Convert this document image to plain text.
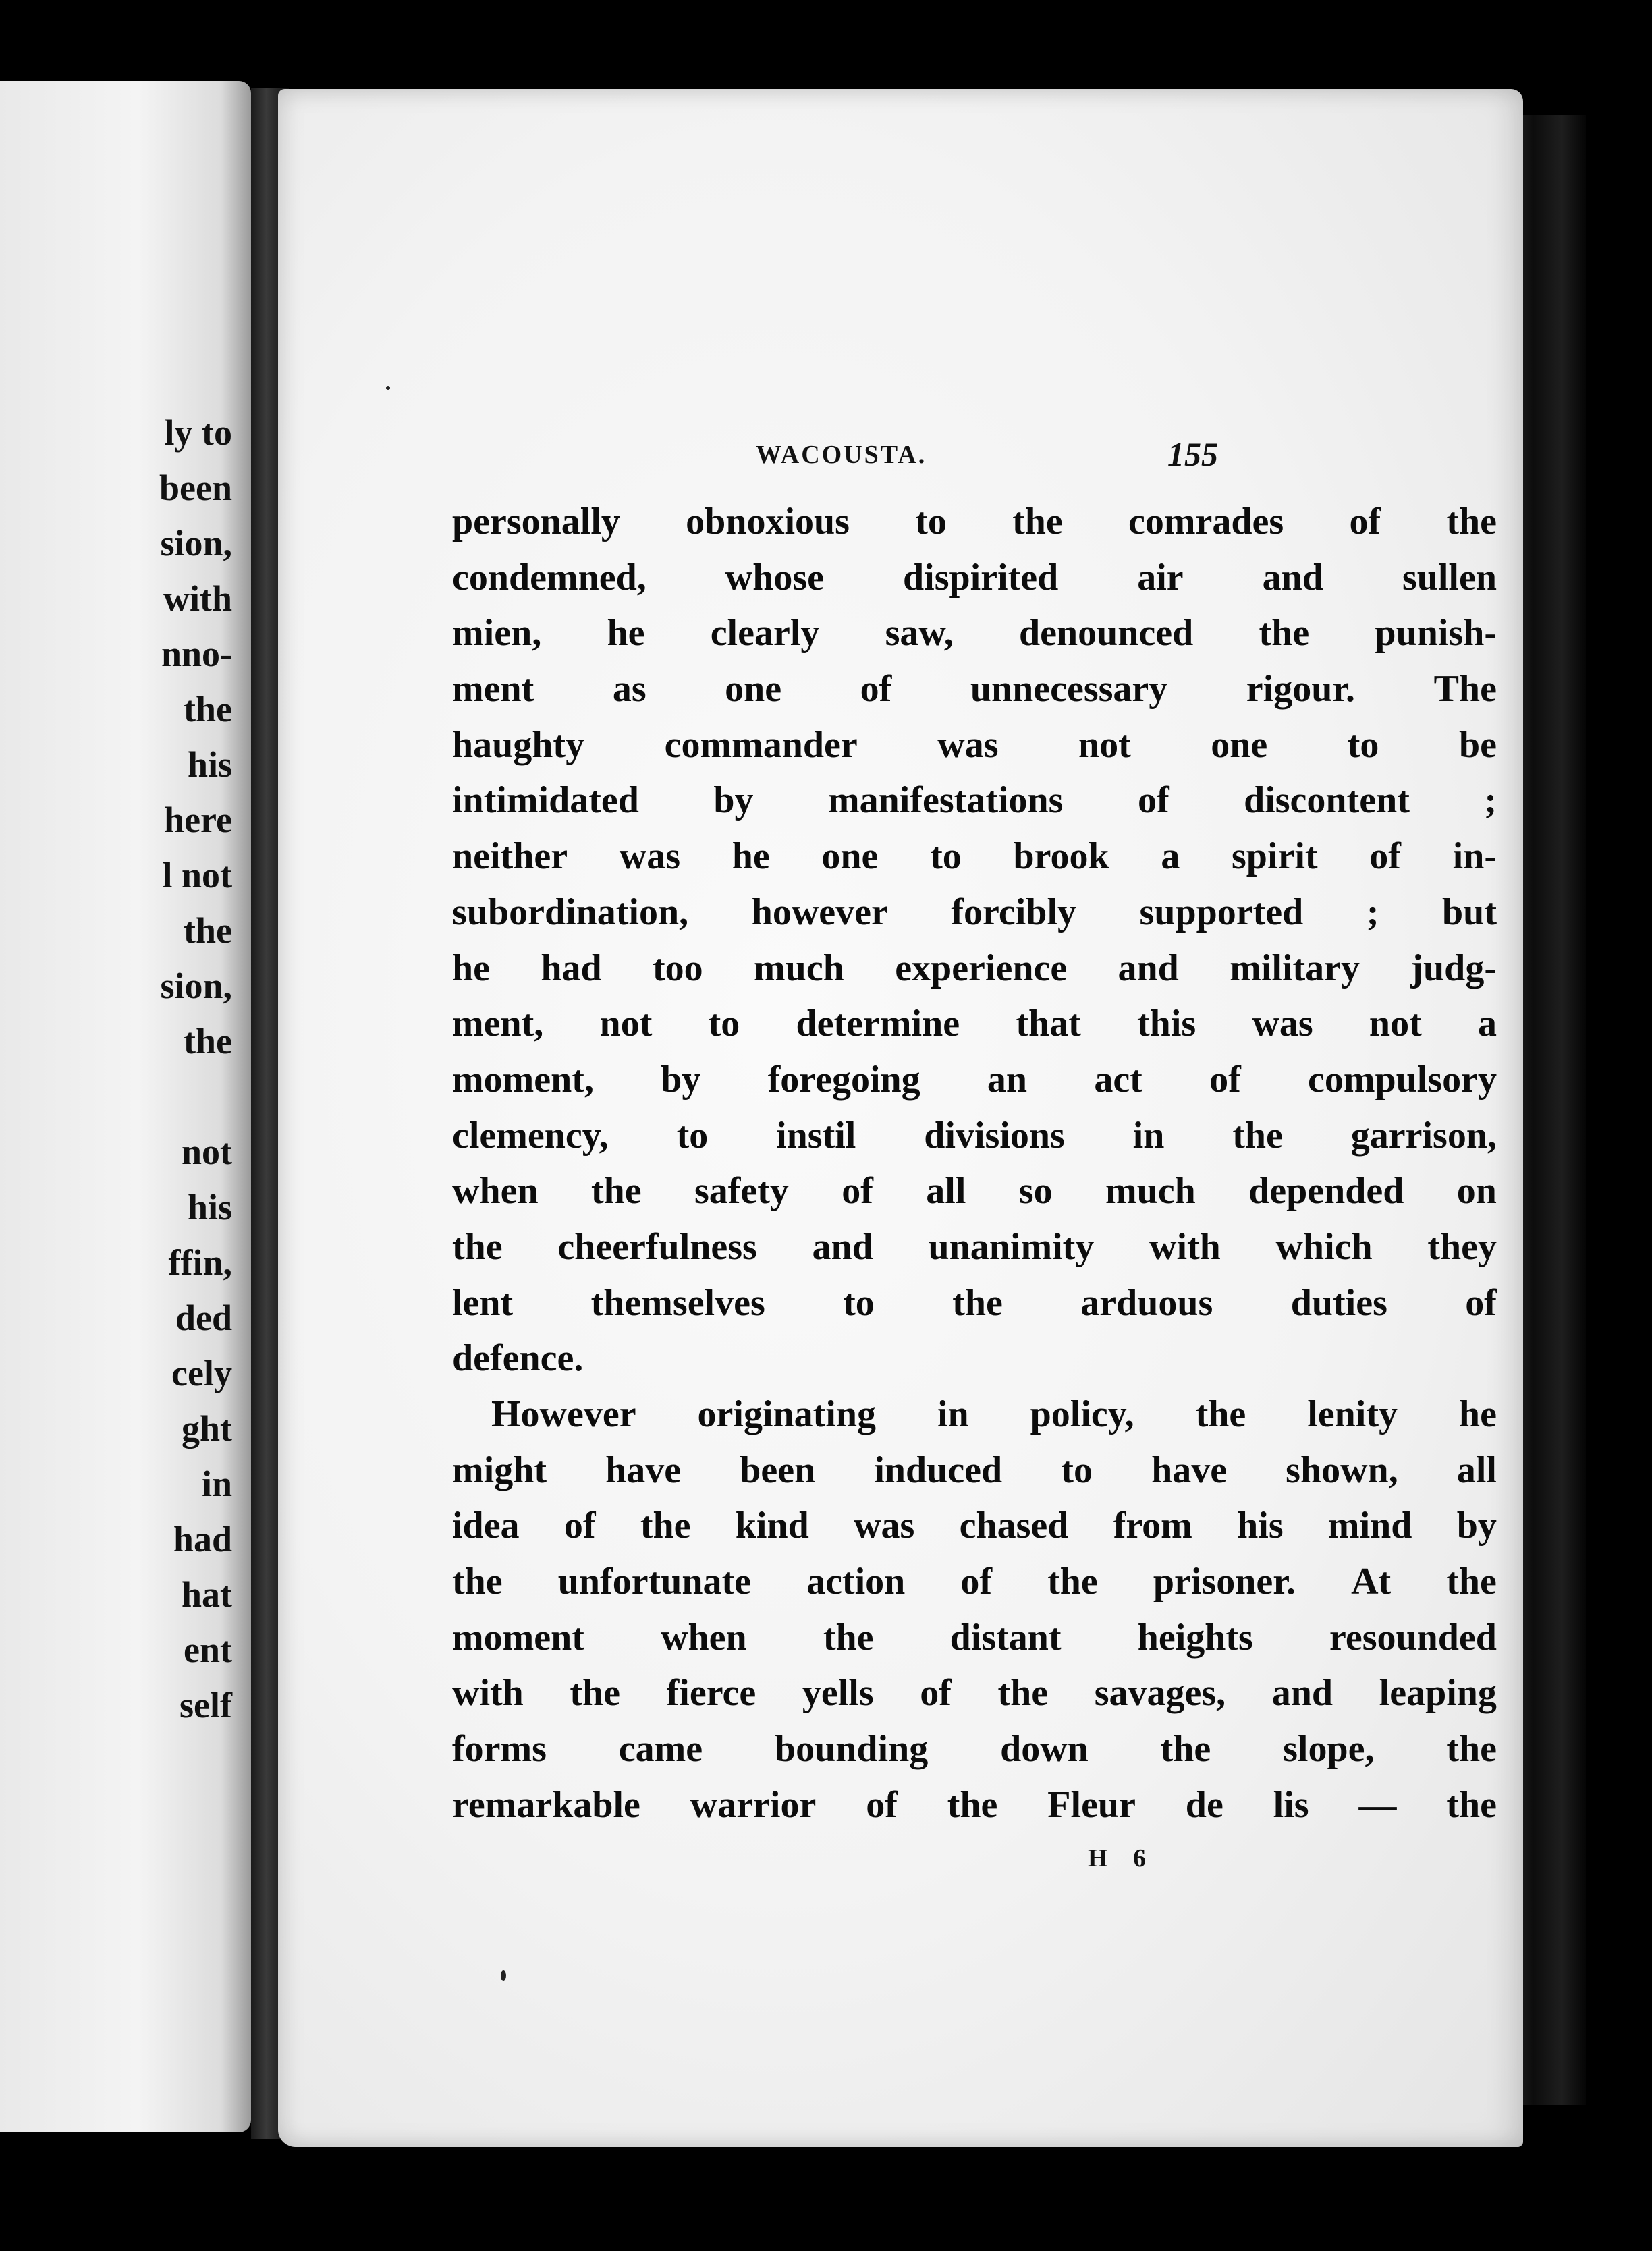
ly to
been
sion,
with
nno-
the
his
here
l not
the
sion,
the
not
his
ffin,
ded
cely
ght
in
had
hat
ent
self
WACOUSTA.	155
personally obnoxious to the comrades of the
condemned, whose dispirited air and sullen
mien, he clearly saw, denounced the punish-
ment as one of unnecessary rigour. The
haughty commander was not one to be
intimidated by manifestations of discontent ;
neither was he one to brook a spirit of in-
subordination, however forcibly supported ; but
he had too much experience and military judg-
ment, not to determine that this was not a
moment, by foregoing an act of compulsory
clemency, to instil divisions in the garrison,
when the safety of all so much depended on
the cheerfulness and unanimity with which they
lent themselves to the arduous duties of
defence.
However originating in policy, the lenity he
might have been induced to have shown, all
idea of the kind was chased from his mind by
the unfortunate action of the prisoner. At the
moment when the distant heights resounded
with the fierce yells of the savages, and leaping
forms came bounding down the slope, the
remarkable warrior of the Fleur de lis — the
H 6
